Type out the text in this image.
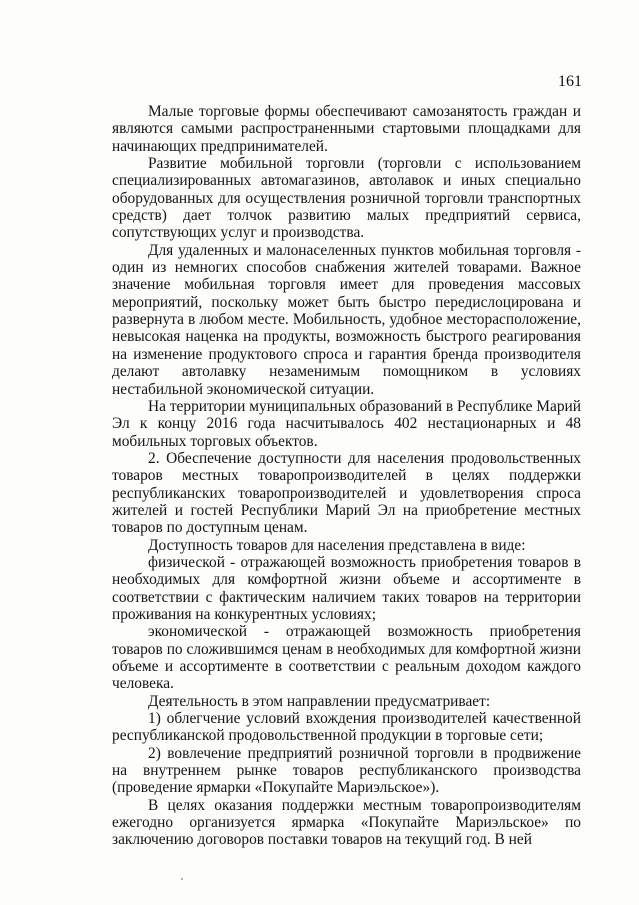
161

Малые торговые формы обеспечивают самозанятость граждан и являются самыми распространенными стартовыми площадками для начинающих предпринимателей.

Развитие мобильной торговли (торговли с использованием специализированных автомагазинов, автолавок и иных специально оборудованных для осуществления розничной торговли транспортных средств) дает толчок развитию малых предприятий сервиса, сопутствующих услуг и производства.

Для удаленных и малонаселенных пунктов мобильная торговля - один из немногих способов снабжения жителей товарами. Важное значение мобильная торговля имеет для проведения массовых мероприятий, поскольку может быть быстро передислоцирована и развернута в любом месте. Мобильность, удобное месторасположение, невысокая наценка на продукты, возможность быстрого реагирования на изменение продуктового спроса и гарантия бренда производителя делают автолавку незаменимым помощником в условиях нестабильной экономической ситуации.

На территории муниципальных образований в Республике Марий Эл к концу 2016 года насчитывалось 402 нестационарных и 48 мобильных торговых объектов.

2. Обеспечение доступности для населения продовольственных товаров местных товаропроизводителей в целях поддержки республиканских товаропроизводителей и удовлетворения спроса жителей и гостей Республики Марий Эл на приобретение местных товаров по доступным ценам.

Доступность товаров для населения представлена в виде:

физической - отражающей возможность приобретения товаров в необходимых для комфортной жизни объеме и ассортименте в соответствии с фактическим наличием таких товаров на территории проживания на конкурентных условиях;

экономической - отражающей возможность приобретения товаров по сложившимся ценам в необходимых для комфортной жизни объеме и ассортименте в соответствии с реальным доходом каждого человека.

Деятельность в этом направлении предусматривает:

1) облегчение условий вхождения производителей качественной республиканской продовольственной продукции в торговые сети;

2) вовлечение предприятий розничной торговли в продвижение на внутреннем рынке товаров республиканского производства (проведение ярмарки «Покупайте Мариэльское»).

В целях оказания поддержки местным товаропроизводителям ежегодно организуется ярмарка «Покупайте Мариэльское» по заключению договоров поставки товаров на текущий год. В ней
